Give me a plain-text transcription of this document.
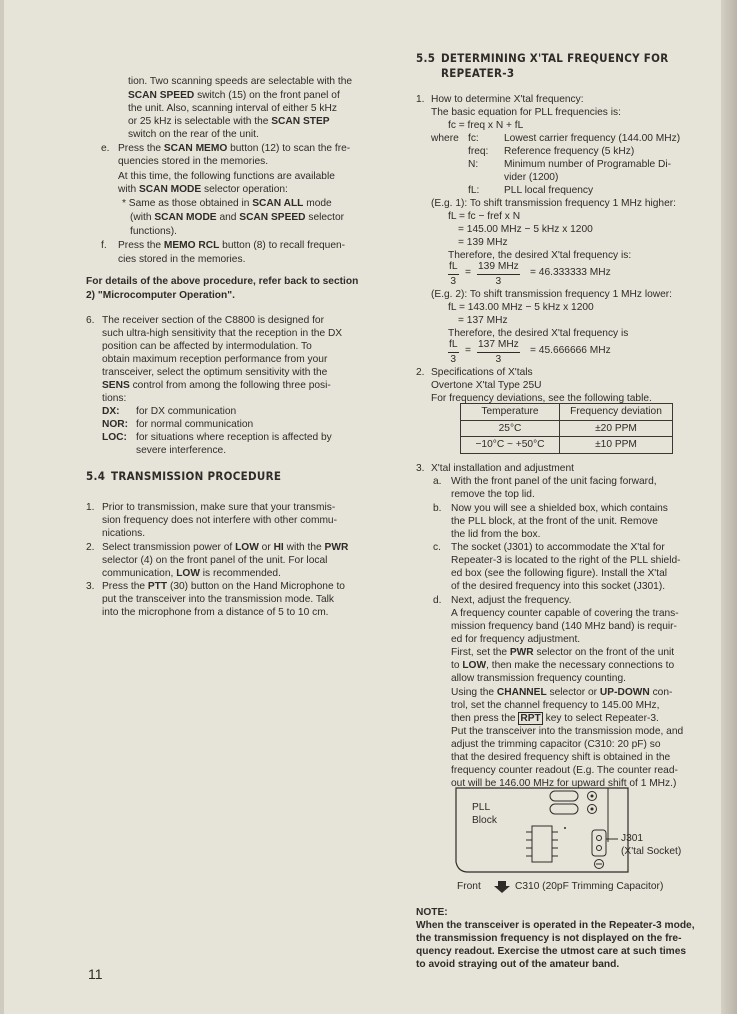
tion. Two scanning speeds are selectable with the
SCAN SPEED switch (15) on the front panel of
the unit. Also, scanning interval of either 5 kHz
or 25 kHz is selectable with the SCAN STEP
switch on the rear of the unit.
e. Press the SCAN MEMO button (12) to scan the fre-
quencies stored in the memories.
At this time, the following functions are available
with SCAN MODE selector operation:
* Same as those obtained in SCAN ALL mode
(with SCAN MODE and SCAN SPEED selector
functions).
f. Press the MEMO RCL button (8) to recall frequen-
cies stored in the memories.
For details of the above procedure, refer back to section
2) "Microcomputer Operation".
6. The receiver section of the C8800 is designed for
such ultra-high sensitivity that the reception in the DX
position can be affected by intermodulation. To
obtain maximum reception performance from your
transceiver, select the optimum sensitivity with the
SENS control from among the following three posi-
tions:
DX: for DX communication
NOR: for normal communication
LOC: for situations where reception is affected by
severe interference.
5.4 TRANSMISSION PROCEDURE
1. Prior to transmission, make sure that your transmis-
sion frequency does not interfere with other commu-
nications.
2. Select transmission power of LOW or HI with the PWR
selector (4) on the front panel of the unit. For local
communication, LOW is recommended.
3. Press the PTT (30) button on the Hand Microphone to
put the transceiver into the transmission mode. Talk
into the microphone from a distance of 5 to 10 cm.
5.5 DETERMINING X'TAL FREQUENCY FOR
REPEATER-3
1. How to determine X'tal frequency:
The basic equation for PLL frequencies is:
fc = freq x N + fL
where fc: Lowest carrier frequency (144.00 MHz)
freq: Reference frequency (5 kHz)
N:	Minimum number of Programable Di-
vider (1200)
fL: PLL local frequency
(E.g. 1): To shift transmission frequency 1 MHz higher:
fL = fc − fref x N
= 145.00 MHz − 5 kHz x 1200
= 139 MHz
Therefore, the desired X'tal frequency is:
$\frac{fL}{3}$ =
139 MHz
3
= 46.333333 MHz
(E.g. 2): To shift transmission frequency 1 MHz lower:
fL = 143.00 MHz − 5 kHz x 1200
= 137 MHz
Therefore, the desired X'tal frequency is
$\frac{fL}{3}$ =
137 MHz
3
= 45.666666 MHz
2. Specifications of X'tals
Overtone X'tal Type 25U
For frequency deviations, see the following table.
Temperature	Frequency deviation
25°C	±20 PPM
−10°C ~ +50°C	±10 PPM
3. X'tal installation and adjustment
a. With the front panel of the unit facing forward,
remove the top lid.
b. Now you will see a shielded box, which contains
the PLL block, at the front of the unit. Remove
the lid from the box.
c. The socket (J301) to accommodate the X'tal for
Repeater-3 is located to the right of the PLL shield-
ed box (see the following figure). Install the X'tal
of the desired frequency into this socket (J301).
d. Next, adjust the frequency.
A frequency counter capable of covering the trans-
mission frequency band (140 MHz band) is requir-
ed for frequency adjustment.
First, set the PWR selector on the front of the unit
to LOW, then make the necessary connections to
allow transmission frequency counting.
Using the CHANNEL selector or UP-DOWN con-
trol, set the channel frequency to 145.00 MHz,
then press the RPT key to select Repeater-3.
Put the transceiver into the transmission mode, and
adjust the trimming capacitor (C310: 20 pF) so
that the desired frequency shift is obtained in the
frequency counter readout (E.g. The counter read-
out will be 146.00 MHz for upward shift of 1 MHz.)
PLL
Block
J301
(X'tal Socket)
Front	C310 (20pF Trimming Capacitor)
NOTE:
When the transceiver is operated in the Repeater-3 mode,
the transmission frequency is not displayed on the fre-
quency readout. Exercise the utmost care at such times
to avoid straying out of the amateur band.
11
